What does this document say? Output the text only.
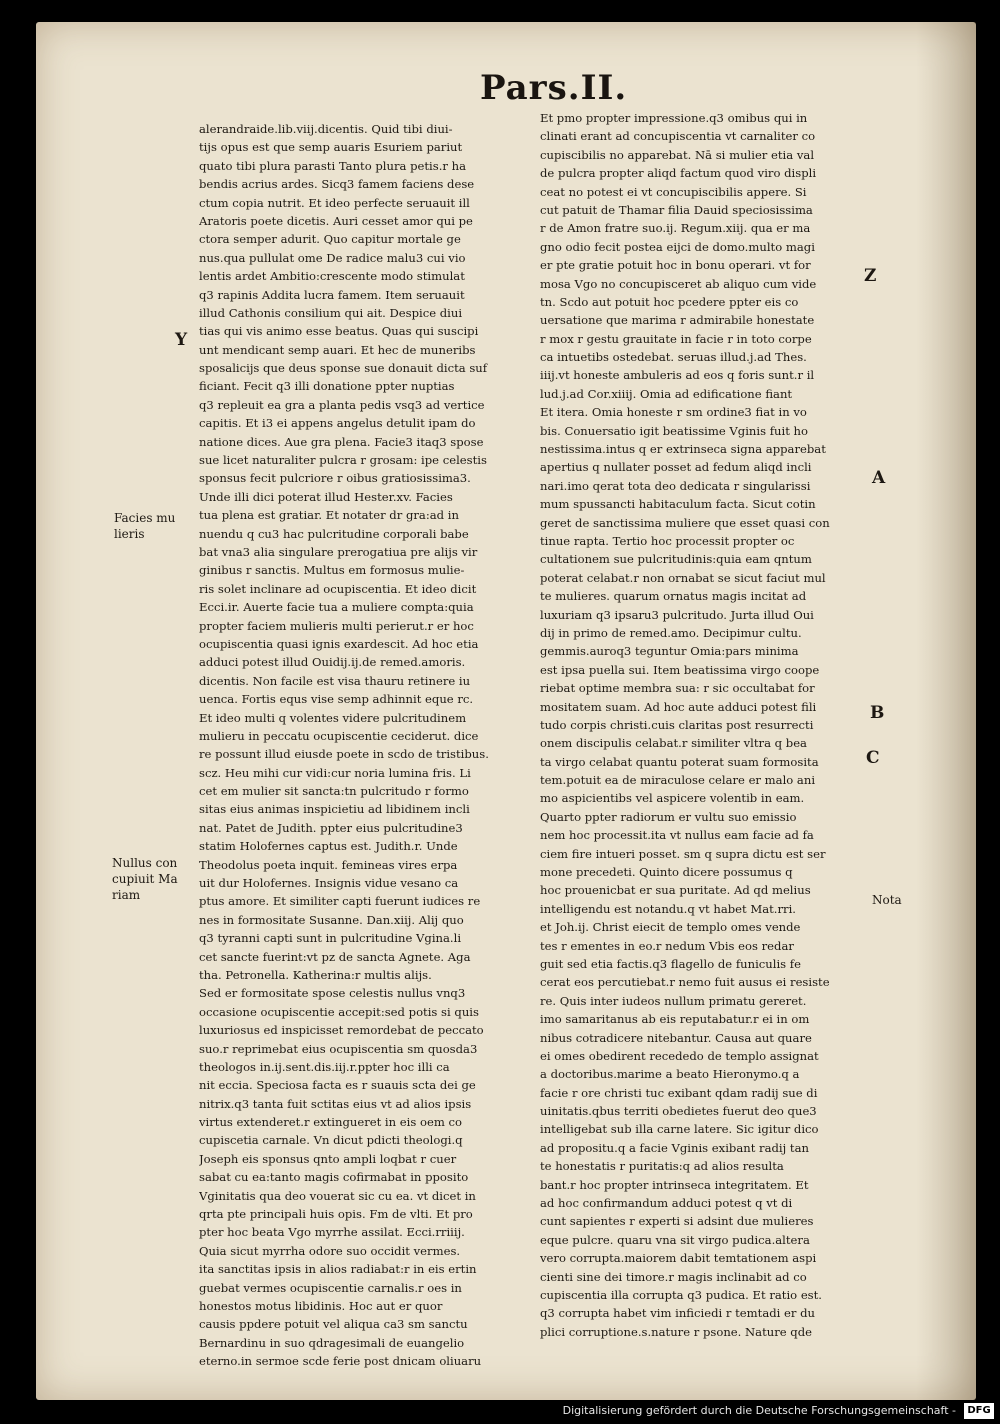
Pars.II.
alerandraide.lib.viij.dicentis. Quid tibi diui-
tijs opus est que semp auaris Esuriem pariut
quato tibi plura parasti Tanto plura petis.r ha
bendis acrius ardes. Sicq3 famem faciens dese
ctum copia nutrit. Et ideo perfecte seruauit ill
Aratoris poete dicetis. Auri cesset amor qui pe
ctora semper adurit. Quo capitur mortale ge
nus.qua pullulat ome De radice malu3 cui vio
lentis ardet Ambitio:crescente modo stimulat
q3 rapinis Addita lucra famem. Item seruauit
illud Cathonis consilium qui ait. Despice diui
tias qui vis animo esse beatus. Quas qui suscipi
unt mendicant semp auari. Et hec de muneribs
sposalicijs que deus sponse sue donauit dicta suf
ficiant. Fecit q3 illi donatione ppter nuptias
q3 repleuit ea gra a planta pedis vsq3 ad vertice
capitis. Et i3 ei appens angelus detulit ipam do
natione dices. Aue gra plena. Facie3 itaq3 spose
sue licet naturaliter pulcra r grosam: ipe celestis
sponsus fecit pulcriore r oibus gratiosissima3.
Unde illi dici poterat illud Hester.xv. Facies
tua plena est gratiar. Et notater dr gra:ad in
nuendu q cu3 hac pulcritudine corporali babe
bat vna3 alia singulare prerogatiua pre alijs vir
ginibus r sanctis. Multus em formosus mulie-
ris solet inclinare ad ocupiscentia. Et ideo dicit
Ecci.ir. Auerte facie tua a muliere compta:quia
propter faciem mulieris multi perierut.r er hoc
ocupiscentia quasi ignis exardescit. Ad hoc etia
adduci potest illud Ouidij.ij.de remed.amoris.
dicentis. Non facile est visa thauru retinere iu
uenca. Fortis equs vise semp adhinnit eque rc.
Et ideo multi q volentes videre pulcritudinem
mulieru in peccatu ocupiscentie ceciderut. dice
re possunt illud eiusde poete in scdo de tristibus.
scz. Heu mihi cur vidi:cur noria lumina fris. Li
cet em mulier sit sancta:tn pulcritudo r formo
sitas eius animas inspicietiu ad libidinem incli
nat. Patet de Judith. ppter eius pulcritudine3
statim Holofernes captus est. Judith.r. Unde
Theodolus poeta inquit. femineas vires erpa
uit dur Holofernes. Insignis vidue vesano ca
ptus amore. Et similiter capti fuerunt iudices re
nes in formositate Susanne. Dan.xiij. Alij quo
q3 tyranni capti sunt in pulcritudine Vgina.li
cet sancte fuerint:vt pz de sancta Agnete. Aga
tha. Petronella. Katherina:r multis alijs.
Sed er formositate spose celestis nullus vnq3
occasione ocupiscentie accepit:sed potis si quis
luxuriosus ed inspicisset remordebat de peccato
suo.r reprimebat eius ocupiscentia sm quosda3
theologos in.ij.sent.dis.iij.r.ppter hoc illi ca
nit eccia. Speciosa facta es r suauis scta dei ge
nitrix.q3 tanta fuit sctitas eius vt ad alios ipsis
virtus extenderet.r extingueret in eis oem co
cupiscetia carnale. Vn dicut pdicti theologi.q
Joseph eis sponsus qnto ampli loqbat r cuer
sabat cu ea:tanto magis cofirmabat in pposito
Vginitatis qua deo vouerat sic cu ea. vt dicet in
qrta pte principali huis opis. Fm de vlti. Et pro
pter hoc beata Vgo myrrhe assilat. Ecci.rriiij.
Quia sicut myrrha odore suo occidit vermes.
ita sanctitas ipsis in alios radiabat:r in eis ertin
guebat vermes ocupiscentie carnalis.r oes in
honestos motus libidinis. Hoc aut er quor
causis ppdere potuit vel aliqua ca3 sm sanctu
Bernardinu in suo qdragesimali de euangelio
eterno.in sermoe scde ferie post dnicam oliuaru
Et pmo propter impressione.q3 omibus qui in
clinati erant ad concupiscentia vt carnaliter co
cupiscibilis no apparebat. Nā si mulier etia val
de pulcra propter aliqd factum quod viro displi
ceat no potest ei vt concupiscibilis appere. Si
cut patuit de Thamar filia Dauid speciosissima
r de Amon fratre suo.ij. Regum.xiij. qua er ma
gno odio fecit postea eijci de domo.multo magi
er pte gratie potuit hoc in bonu operari. vt for
mosa Vgo no concupisceret ab aliquo cum vide
tn. Scdo aut potuit hoc pcedere ppter eis co
uersatione que marima r admirabile honestate
r mox r gestu grauitate in facie r in toto corpe
ca intuetibs ostedebat. seruas illud.j.ad Thes.
iiij.vt honeste ambuleris ad eos q foris sunt.r il
lud.j.ad Cor.xiiij. Omia ad edificatione fiant
Et itera. Omia honeste r sm ordine3 fiat in vo
bis. Conuersatio igit beatissime Vginis fuit ho
nestissima.intus q er extrinseca signa apparebat
apertius q nullater posset ad fedum aliqd incli
nari.imo qerat tota deo dedicata r singularissi
mum spussancti habitaculum facta. Sicut cotin
geret de sanctissima muliere que esset quasi con
tinue rapta. Tertio hoc processit propter oc
cultationem sue pulcritudinis:quia eam qntum
poterat celabat.r non ornabat se sicut faciut mul
te mulieres. quarum ornatus magis incitat ad
luxuriam q3 ipsaru3 pulcritudo. Jurta illud Oui
dij in primo de remed.amo. Decipimur cultu.
gemmis.auroq3 teguntur Omia:pars minima
est ipsa puella sui. Item beatissima virgo coope
riebat optime membra sua: r sic occultabat for
mositatem suam. Ad hoc aute adduci potest fili
tudo corpis christi.cuis claritas post resurrecti
onem discipulis celabat.r similiter vltra q bea
ta virgo celabat quantu poterat suam formosita
tem.potuit ea de miraculose celare er malo ani
mo aspicientibs vel aspicere volentib in eam.
Quarto ppter radiorum er vultu suo emissio
nem hoc processit.ita vt nullus eam facie ad fa
ciem fire intueri posset. sm q supra dictu est ser
mone precedeti. Quinto dicere possumus q
hoc prouenicbat er sua puritate. Ad qd melius
intelligendu est notandu.q vt habet Mat.rri.
et Joh.ij. Christ eiecit de templo omes vende
tes r ementes in eo.r nedum Vbis eos redar
guit sed etia factis.q3 flagello de funiculis fe
cerat eos percutiebat.r nemo fuit ausus ei resiste
re. Quis inter iudeos nullum primatu gereret.
imo samaritanus ab eis reputabatur.r ei in om
nibus cotradicere nitebantur. Causa aut quare
ei omes obedirent recededo de templo assignat
a doctoribus.marime a beato Hieronymo.q a
facie r ore christi tuc exibant qdam radij sue di
uinitatis.qbus territi obedietes fuerut deo que3
intelligebat sub illa carne latere. Sic igitur dico
ad propositu.q a facie Vginis exibant radij tan
te honestatis r puritatis:q ad alios resulta
bant.r hoc propter intrinseca integritatem. Et
ad hoc confirmandum adduci potest q vt di
cunt sapientes r experti si adsint due mulieres
eque pulcre. quaru vna sit virgo pudica.altera
vero corrupta.maiorem dabit temtationem aspi
cienti sine dei timore.r magis inclinabit ad co
cupiscentia illa corrupta q3 pudica. Et ratio est.
q3 corrupta habet vim inficiedi r temtadi er du
plici corruptione.s.nature r psone. Nature qde
Y
Facies mu
lieris
Nullus con
cupiuit Ma
riam
Z
A
B
C
Nota
Digitalisierung gefördert durch die Deutsche Forschungsgemeinschaft -	DFG
